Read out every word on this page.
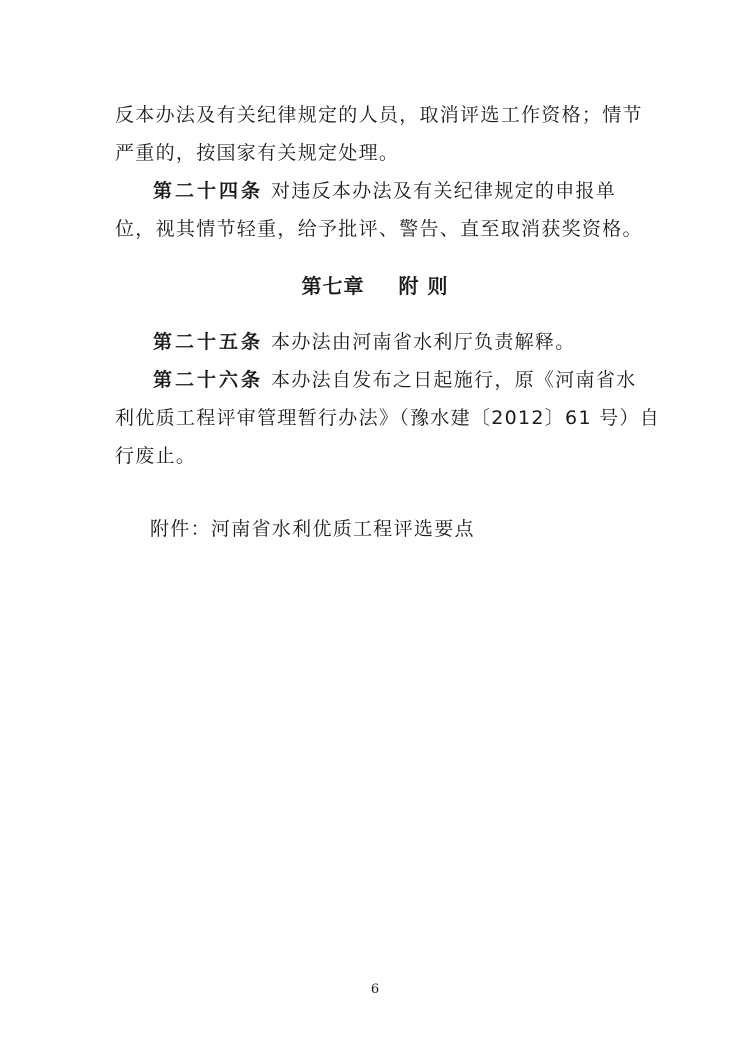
反本办法及有关纪律规定的人员，取消评选工作资格；情节
严重的，按国家有关规定处理。
第二十四条 对违反本办法及有关纪律规定的申报单
位，视其情节轻重，给予批评、警告、直至取消获奖资格。
第七章 附 则
第二十五条 本办法由河南省水利厅负责解释。
第二十六条 本办法自发布之日起施行，原《河南省水
利优质工程评审管理暂行办法》（豫水建〔2012〕61 号）自
行废止。
附件：河南省水利优质工程评选要点
6
